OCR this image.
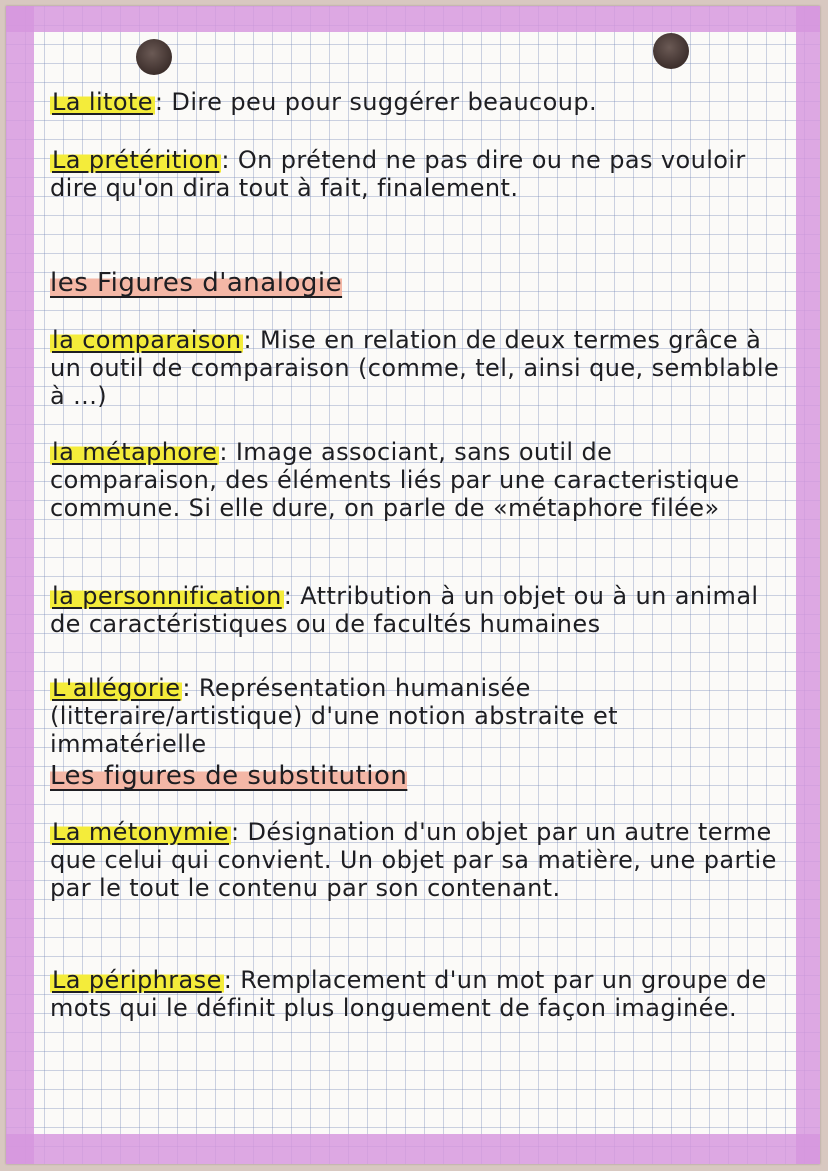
La litote: Dire peu pour suggérer beaucoup.
La prétérition: On prétend ne pas dire ou ne pas vouloir dire qu'on dira tout à fait, finalement.
les Figures d'analogie
la comparaison: Mise en relation de deux termes grâce à un outil de comparaison (comme, tel, ainsi que, semblable à ...)
la métaphore: Image associant, sans outil de comparaison, des éléments liés par une caracteristique commune. Si elle dure, on parle de «métaphore filée»
la personnification: Attribution à un objet ou à un animal de caractéristiques ou de facultés humaines
L'allégorie: Représentation humanisée (litteraire/artistique) d'une notion abstraite et immatérielle
Les figures de substitution
La métonymie: Désignation d'un objet par un autre terme que celui qui convient. Un objet par sa matière, une partie par le tout le contenu par son contenant.
La périphrase: Remplacement d'un mot par un groupe de mots qui le définit plus longuement de façon imaginée.
